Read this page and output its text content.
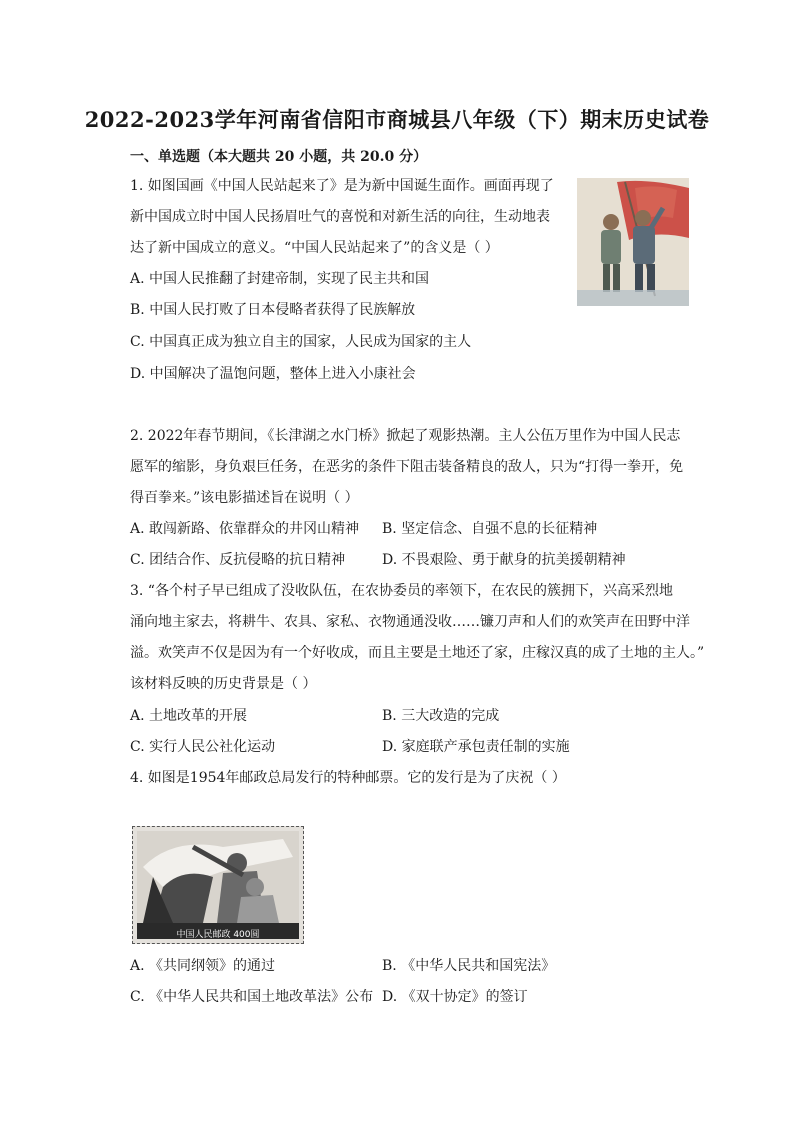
2022-2023学年河南省信阳市商城县八年级（下）期末历史试卷
一、单选题（本大题共 20 小题，共 20.0 分）
1. 如图国画《中国人民站起来了》是为新中国诞生面作。画面再现了
新中国成立时中国人民扬眉吐气的喜悦和对新生活的向往，生动地表
达了新中国成立的意义。“中国人民站起来了”的含义是（ ）
A. 中国人民推翻了封建帝制，实现了民主共和国
B. 中国人民打败了日本侵略者获得了民族解放
C. 中国真正成为独立自主的国家，人民成为国家的主人
D. 中国解决了温饱问题，整体上进入小康社会
2. 2022年春节期间，《长津湖之水门桥》掀起了观影热潮。主人公伍万里作为中国人民志
愿军的缩影，身负艰巨任务，在恶劣的条件下阻击装备精良的敌人，只为“打得一拳开，免
得百拳来。”该电影描述旨在说明（ ）
A. 敢闯新路、依靠群众的井冈山精神 B. 坚定信念、自强不息的长征精神
C. 团结合作、反抗侵略的抗日精神	D. 不畏艰险、勇于献身的抗美援朝精神
3. “各个村子早已组成了没收队伍，在农协委员的率领下，在农民的簇拥下，兴高采烈地
涌向地主家去，将耕牛、农具、家私、衣物通通没收……镰刀声和人们的欢笑声在田野中洋
溢。欢笑声不仅是因为有一个好收成，而且主要是土地还了家，庄稼汉真的成了土地的主人。”
该材料反映的历史背景是（ ）
A. 土地改革的开展	B. 三大改造的完成
C. 实行人民公社化运动	D. 家庭联产承包责任制的实施
4. 如图是1954年邮政总局发行的特种邮票。它的发行是为了庆祝（ ）
中国人民邮政 400圆
A. 《共同纲领》的通过	B. 《中华人民共和国宪法》
C. 《中华人民共和国土地改革法》公布 D. 《双十协定》的签订
